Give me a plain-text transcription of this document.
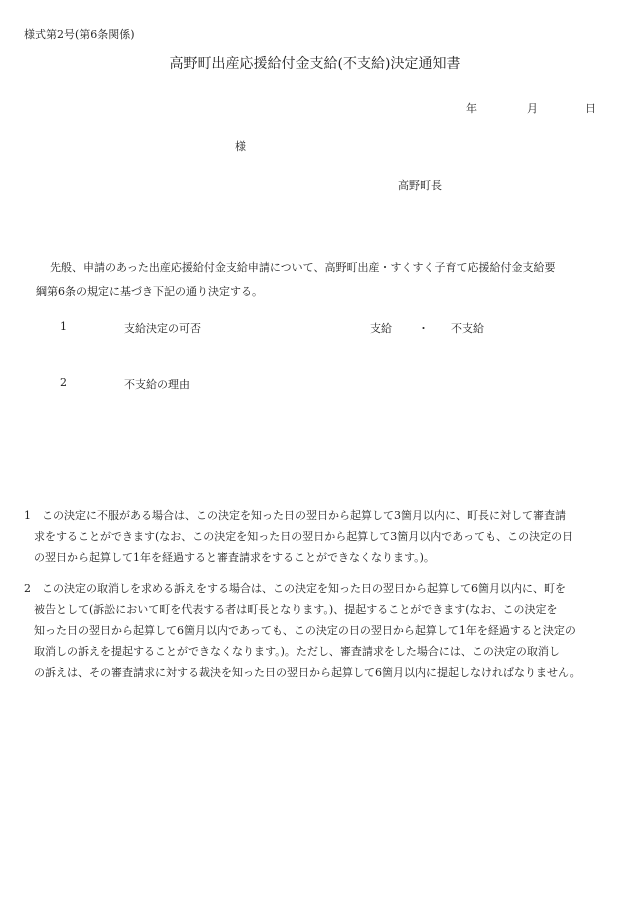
様式第2号(第6条関係)
高野町出産応援給付金支給(不支給)決定通知書
年	月	日
様
高野町長
先般、申請のあった出産応援給付金支給申請について、高野町出産・すくすく子育て応援給付金支給要
綱第6条の規定に基づき下記の通り決定する。
1	支給決定の可否	支給 ・ 不支給
2	不支給の理由
1 この決定に不服がある場合は、この決定を知った日の翌日から起算して3箇月以内に、町長に対して審査請
求をすることができます(なお、この決定を知った日の翌日から起算して3箇月以内であっても、この決定の日
の翌日から起算して1年を経過すると審査請求をすることができなくなります。)。
2 この決定の取消しを求める訴えをする場合は、この決定を知った日の翌日から起算して6箇月以内に、町を
被告として(訴訟において町を代表する者は町長となります。)、提起することができます(なお、この決定を
知った日の翌日から起算して6箇月以内であっても、この決定の日の翌日から起算して1年を経過すると決定の
取消しの訴えを提起することができなくなります。)。ただし、審査請求をした場合には、この決定の取消し
の訴えは、その審査請求に対する裁決を知った日の翌日から起算して6箇月以内に提起しなければなりません。
